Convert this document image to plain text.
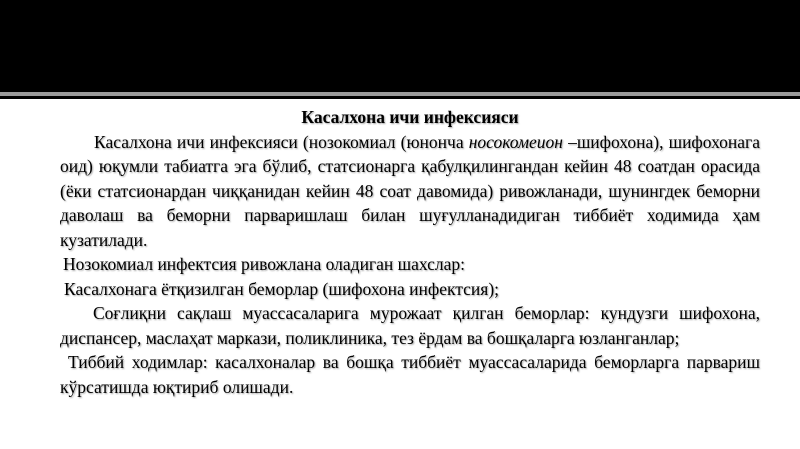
Касалхона ичи инфексияси

Касалхона ичи инфексияси (нозокомиал (юнонча носокомеион –шифохона), шифохонага оид) юқумли табиатга эга бўлиб, статсионарга қабулқилингандан кейин 48 соатдан орасида (ёки статсионардан чиққанидан кейин 48 соат давомида) ривожланади, шунингдек беморни даволаш ва беморни парваришлаш билан шуғулланадидиган тиббиёт ходимида ҳам кузатилади.

Нозокомиал инфектсия ривожлана оладиган шахслар:

Касалхонага ётқизилган беморлар (шифохона инфектсия);

Соғлиқни сақлаш муассасаларига мурожаат қилган беморлар: кундузги шифохона, диспансер, маслаҳат маркази, поликлиника, тез ёрдам ва бошқаларга юзланганлар;

Тиббий ходимлар: касалхоналар ва бошқа тиббиёт муассасаларида беморларга парвариш кўрсатишда юқтириб олишади.
